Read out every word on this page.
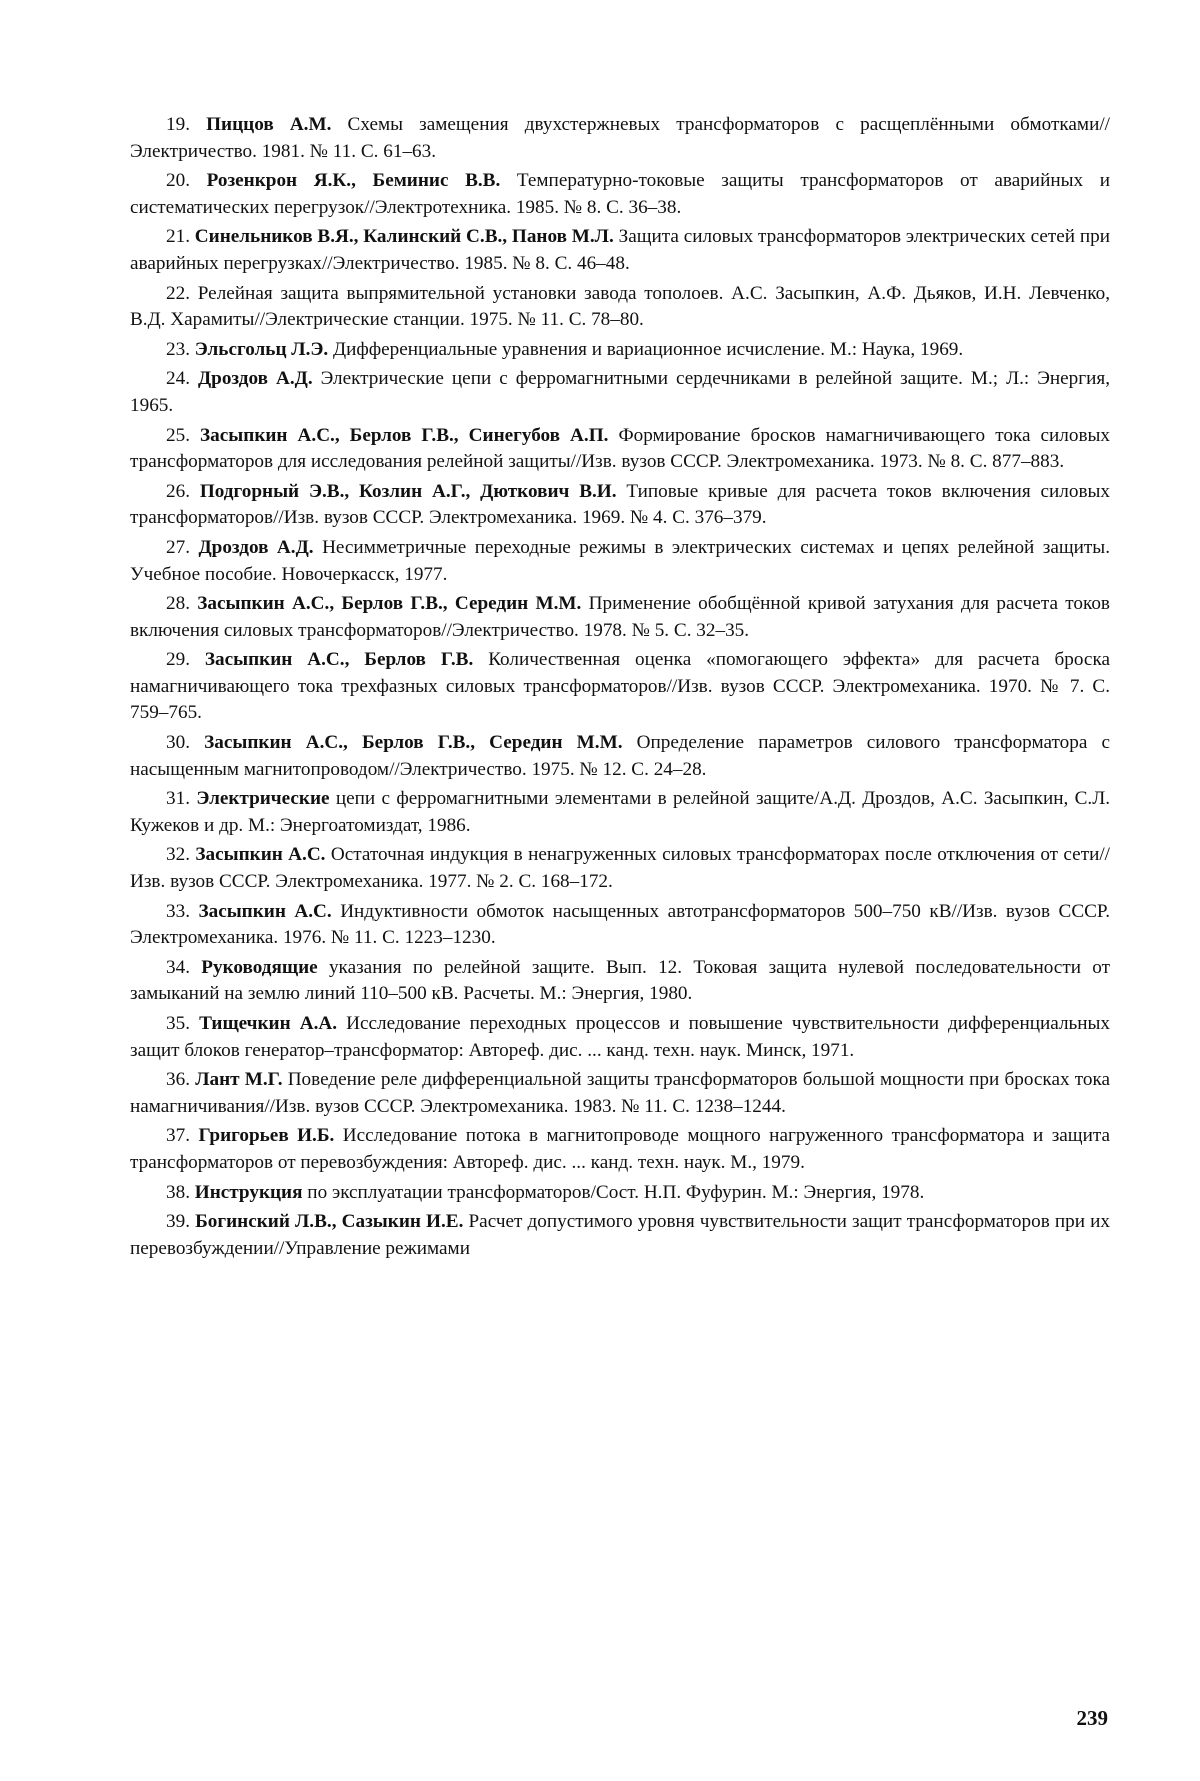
19. Пиццов А.М. Схемы замещения двухстержневых трансформаторов с расщеплёнными обмотками//Электричество. 1981. № 11. С. 61–63.

20. Розенкрон Я.К., Беминис В.В. Температурно-токовые защиты трансформаторов от аварийных и систематических перегрузок//Электротехника. 1985. № 8. С. 36–38.

21. Синельников В.Я., Калинский С.В., Панов М.Л. Защита силовых трансформаторов электрических сетей при аварийных перегрузках//Электричество. 1985. № 8. С. 46–48.

22. Релейная защита выпрямительной установки завода тополоев. А.С. Засыпкин, А.Ф. Дьяков, И.Н. Левченко, В.Д. Харамиты//Электрические станции. 1975. № 11. С. 78–80.

23. Эльсгольц Л.Э. Дифференциальные уравнения и вариационное исчисление. М.: Наука, 1969.

24. Дроздов А.Д. Электрические цепи с ферромагнитными сердечниками в релейной защите. М.; Л.: Энергия, 1965.

25. Засыпкин А.С., Берлов Г.В., Синегубов А.П. Формирование бросков намагничивающего тока силовых трансформаторов для исследования релейной защиты//Изв. вузов СССР. Электромеханика. 1973. № 8. С. 877–883.

26. Подгорный Э.В., Козлин А.Г., Дюткович В.И. Типовые кривые для расчета токов включения силовых трансформаторов//Изв. вузов СССР. Электромеханика. 1969. № 4. С. 376–379.

27. Дроздов А.Д. Несимметричные переходные режимы в электрических системах и цепях релейной защиты. Учебное пособие. Новочеркасск, 1977.

28. Засыпкин А.С., Берлов Г.В., Середин М.М. Применение обобщённой кривой затухания для расчета токов включения силовых трансформаторов//Электричество. 1978. № 5. С. 32–35.

29. Засыпкин А.С., Берлов Г.В. Количественная оценка «помогающего эффекта» для расчета броска намагничивающего тока трехфазных силовых трансформаторов//Изв. вузов СССР. Электромеханика. 1970. № 7. С. 759–765.

30. Засыпкин А.С., Берлов Г.В., Середин М.М. Определение параметров силового трансформатора с насыщенным магнитопроводом//Электричество. 1975. № 12. С. 24–28.

31. Электрические цепи с ферромагнитными элементами в релейной защите/А.Д. Дроздов, А.С. Засыпкин, С.Л. Кужеков и др. М.: Энергоатомиздат, 1986.

32. Засыпкин А.С. Остаточная индукция в ненагруженных силовых трансформаторах после отключения от сети//Изв. вузов СССР. Электромеханика. 1977. № 2. С. 168–172.

33. Засыпкин А.С. Индуктивности обмоток насыщенных автотрансформаторов 500–750 кВ//Изв. вузов СССР. Электромеханика. 1976. № 11. С. 1223–1230.

34. Руководящие указания по релейной защите. Вып. 12. Токовая защита нулевой последовательности от замыканий на землю линий 110–500 кВ. Расчеты. М.: Энергия, 1980.

35. Тищечкин А.А. Исследование переходных процессов и повышение чувствительности дифференциальных защит блоков генератор–трансформатор: Автореф. дис. ... канд. техн. наук. Минск, 1971.

36. Лант М.Г. Поведение реле дифференциальной защиты трансформаторов большой мощности при бросках тока намагничивания//Изв. вузов СССР. Электромеханика. 1983. № 11. С. 1238–1244.

37. Григорьев И.Б. Исследование потока в магнитопроводе мощного нагруженного трансформатора и защита трансформаторов от перевозбуждения: Автореф. дис. ... канд. техн. наук. М., 1979.

38. Инструкция по эксплуатации трансформаторов/Сост. Н.П. Фуфурин. М.: Энергия, 1978.

39. Богинский Л.В., Сазыкин И.Е. Расчет допустимого уровня чувствительности защит трансформаторов при их перевозбуждении//Управление режимами

239
